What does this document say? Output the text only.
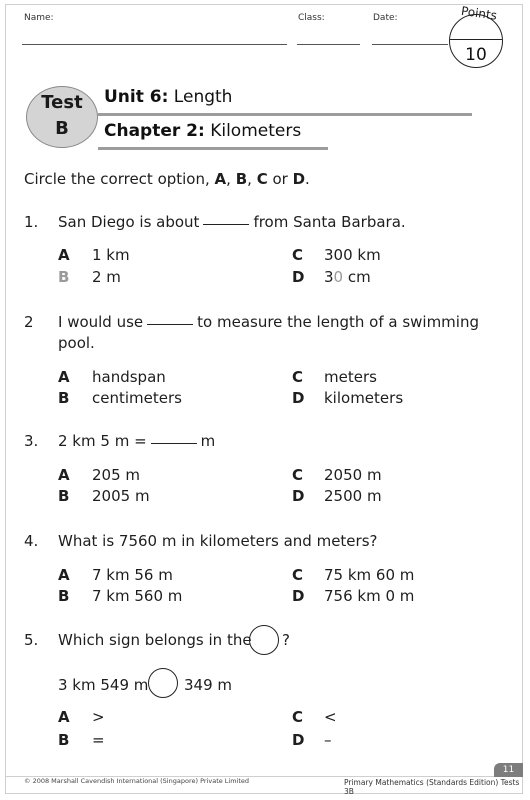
Name:	Class:	Date:	Points
10
Test
B
Unit 6: Length
Chapter 2: Kilometers
Circle the correct option, A, B, C or D.
1. San Diego is about	from Santa Barbara.
A 1 km
B 2 m
C 300 km
D 30 cm
2 I would use	to measure the length of a swimming
pool.
A handspan
B centimeters
C meters
D kilometers
3. 2 km 5 m =	m
A 205 m
B 2005 m
C 2050 m
D 2500 m
4. What is 7560 m in kilometers and meters?
A 7 km 56 m
B 7 km 560 m
C 75 km 60 m
D 756 km 0 m
5. Which sign belongs in the ?
3 km 549 m 349 m
A >
B =
C <
D –
© 2008 Marshall Cavendish International (Singapore) Private Limited	Primary Mathematics (Standards Edition) Tests 3B
11
